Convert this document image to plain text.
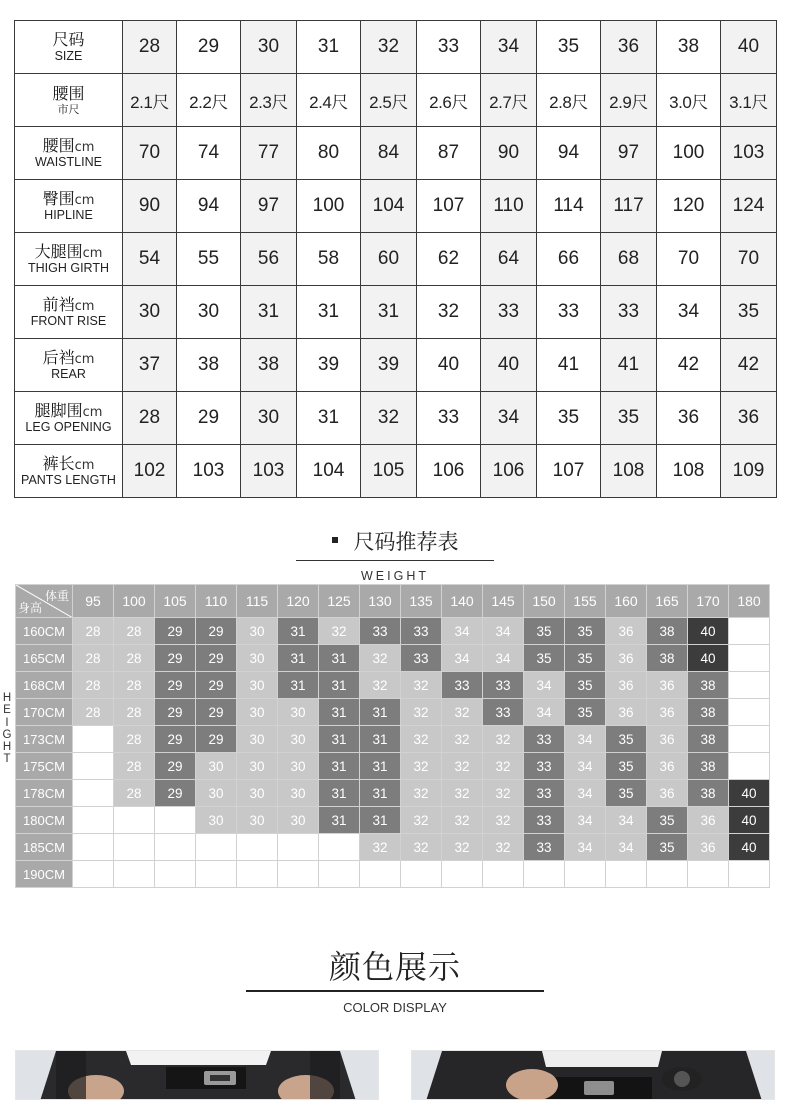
尺码
SIZE	28	29	30	31	32	33	34	35	36	38	40

腰围
市尺	2.1尺	2.2尺	2.3尺	2.4尺	2.5尺	2.6尺	2.7尺	2.8尺	2.9尺	3.0尺	3.1尺

腰围cm
WAISTLINE	70	74	77	80	84	87	90	94	97	100	103

臀围cm
HIPLINE	90	94	97	100	104	107	110	114	117	120	124

大腿围cm
THIGH GIRTH	54	55	56	58	60	62	64	66	68	70	70

前裆cm
FRONT RISE	30	30	31	31	31	32	33	33	33	34	35

后裆cm
REAR	37	38	38	39	39	40	40	41	41	42	42

腿脚围cm
LEG OPENING	28	29	30	31	32	33	34	35	35	36	36

裤长cm
PANTS LENGTH	102	103	103	104	105	106	106	107	108	108	109
尺码推荐表
WEIGHT
H
E
I
G
H
T
体重
身高	95	100	105	110	115	120	125	130	135	140	145	150	155	160	165	170	180
160CM	28	28	29	29	30	31	32	33	33	34	34	35	35	36	38	40	
165CM	28	28	29	29	30	31	31	32	33	34	34	35	35	36	38	40	
168CM	28	28	29	29	30	31	31	32	32	33	33	34	35	36	36	38	
170CM	28	28	29	29	30	30	31	31	32	32	33	34	35	36	36	38	
173CM		28	29	29	30	30	31	31	32	32	32	33	34	35	36	38	
175CM		28	29	30	30	30	31	31	32	32	32	33	34	35	36	38	
178CM		28	29	30	30	30	31	31	32	32	32	33	34	35	36	38	40
180CM				30	30	30	31	31	32	32	32	33	34	34	35	36	40
185CM								32	32	32	32	33	34	34	35	36	40
190CM																	
颜色展示
COLOR DISPLAY
